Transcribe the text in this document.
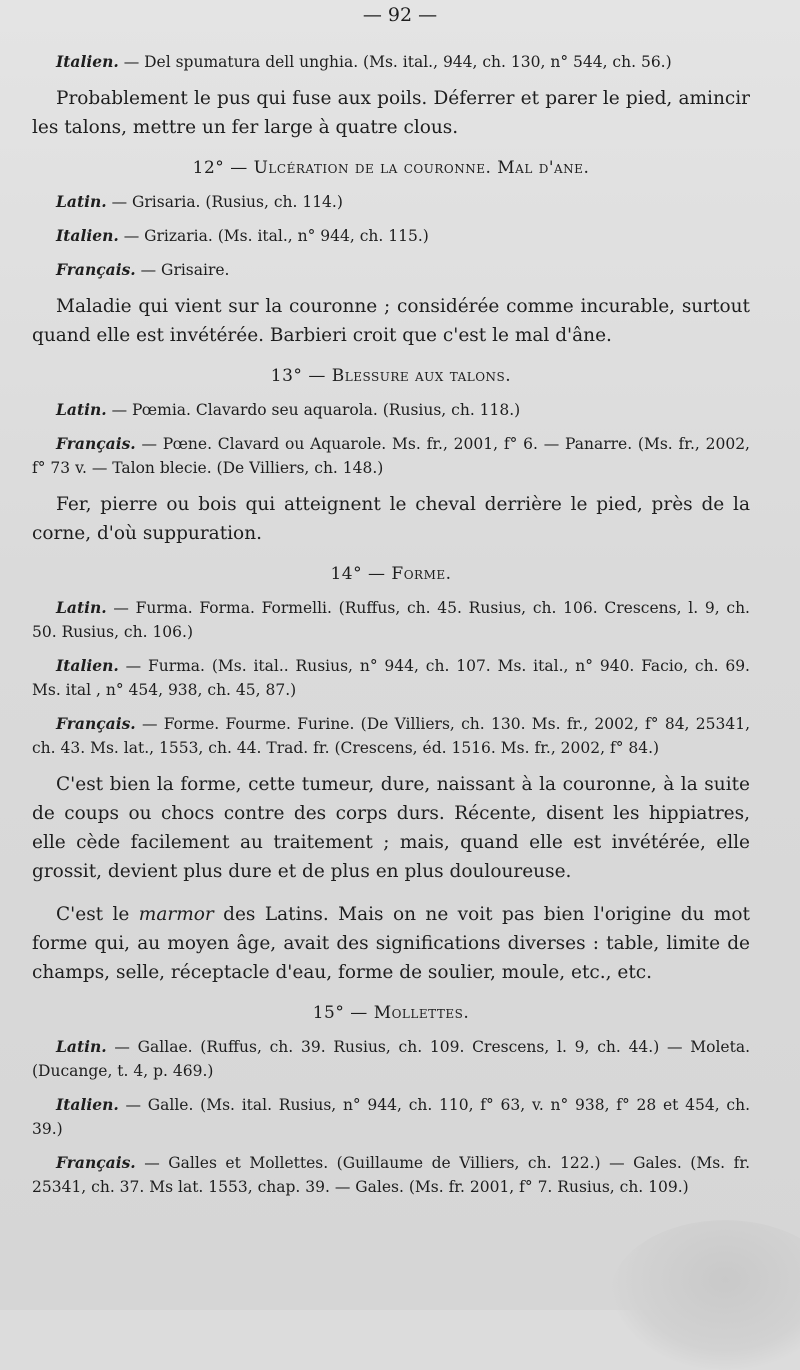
— 92 —

Italien. — Del spumatura dell unghia. (Ms. ital., 944, ch. 130, n° 544, ch. 56.)

Probablement le pus qui fuse aux poils. Déferrer et parer le pied, amincir les talons, mettre un fer large à quatre clous.

12° — Ulcération de la couronne. Mal d'ane.

Latin. — Grisaria. (Rusius, ch. 114.)

Italien. — Grizaria. (Ms. ital., n° 944, ch. 115.)

Français. — Grisaire.

Maladie qui vient sur la couronne ; considérée comme incurable, surtout quand elle est invétérée. Barbieri croit que c'est le mal d'âne.

13° — Blessure aux talons.

Latin. — Pœmia. Clavardo seu aquarola. (Rusius, ch. 118.)

Français. — Pœne. Clavard ou Aquarole. Ms. fr., 2001, f° 6. — Panarre. (Ms. fr., 2002, f° 73 v. — Talon blecie. (De Villiers, ch. 148.)

Fer, pierre ou bois qui atteignent le cheval derrière le pied, près de la corne, d'où suppuration.

14° — Forme.

Latin. — Furma. Forma. Formelli. (Ruffus, ch. 45. Rusius, ch. 106. Crescens, l. 9, ch. 50. Rusius, ch. 106.)

Italien. — Furma. (Ms. ital.. Rusius, n° 944, ch. 107. Ms. ital., n° 940. Facio, ch. 69. Ms. ital , n° 454, 938, ch. 45, 87.)

Français. — Forme. Fourme. Furine. (De Villiers, ch. 130. Ms. fr., 2002, f° 84, 25341, ch. 43. Ms. lat., 1553, ch. 44. Trad. fr. (Crescens, éd. 1516. Ms. fr., 2002, f° 84.)

C'est bien la forme, cette tumeur, dure, naissant à la couronne, à la suite de coups ou chocs contre des corps durs. Récente, disent les hippiatres, elle cède facilement au traitement ; mais, quand elle est invétérée, elle grossit, devient plus dure et de plus en plus douloureuse.

C'est le marmor des Latins. Mais on ne voit pas bien l'origine du mot forme qui, au moyen âge, avait des significations diverses : table, limite de champs, selle, réceptacle d'eau, forme de soulier, moule, etc., etc.

15° — Mollettes.

Latin. — Gallae. (Ruffus, ch. 39. Rusius, ch. 109. Crescens, l. 9, ch. 44.) — Moleta. (Ducange, t. 4, p. 469.)

Italien. — Galle. (Ms. ital. Rusius, n° 944, ch. 110, f° 63, v. n° 938, f° 28 et 454, ch. 39.)

Français. — Galles et Mollettes. (Guillaume de Villiers, ch. 122.) — Gales. (Ms. fr. 25341, ch. 37. Ms lat. 1553, chap. 39. — Gales. (Ms. fr. 2001, f° 7. Rusius, ch. 109.)
